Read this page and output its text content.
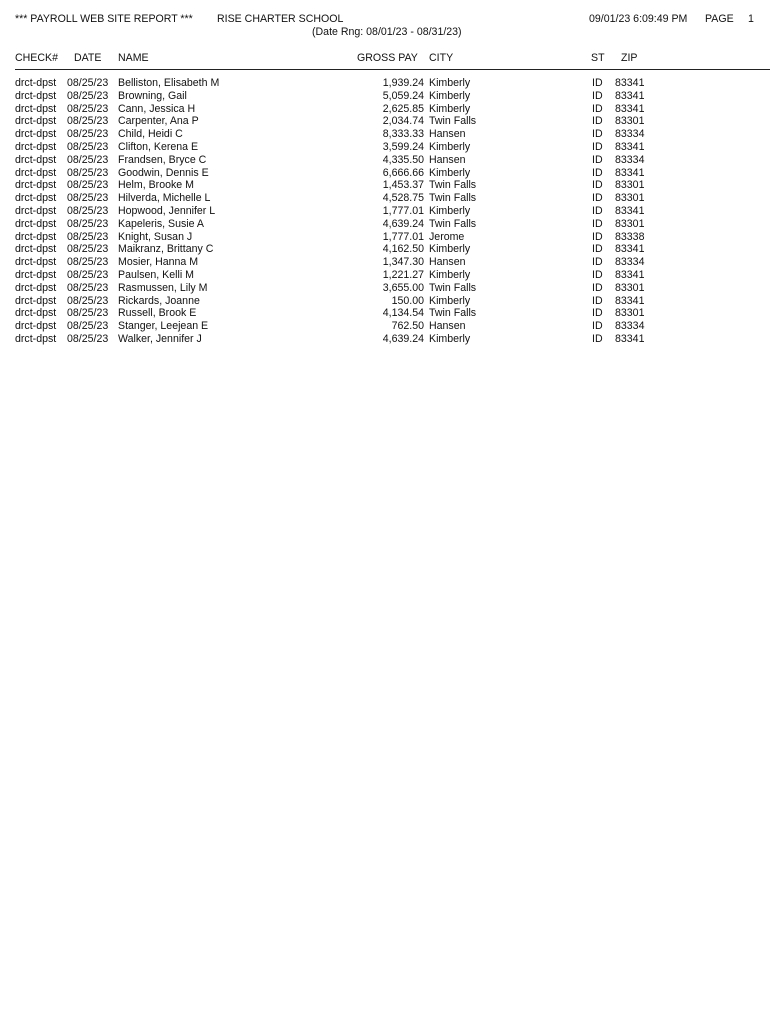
*** PAYROLL WEB SITE REPORT *** RISE CHARTER SCHOOL
(Date Rng: 08/01/23 - 08/31/23)
09/01/23 6:09:49 PM PAGE 1
CHECK# DATE NAME	GROSS PAY CITY	ST ZIP
drct-dpst 08/25/23 Belliston, Elisabeth M	1,939.24 Kimberly	ID 83341
drct-dpst 08/25/23 Browning, Gail	5,059.24 Kimberly	ID 83341
drct-dpst 08/25/23 Cann, Jessica H	2,625.85 Kimberly	ID 83341
drct-dpst 08/25/23 Carpenter, Ana P	2,034.74 Twin Falls	ID 83301
drct-dpst 08/25/23 Child, Heidi C	8,333.33 Hansen	ID 83334
drct-dpst 08/25/23 Clifton, Kerena E	3,599.24 Kimberly	ID 83341
drct-dpst 08/25/23 Frandsen, Bryce C	4,335.50 Hansen	ID 83334
drct-dpst 08/25/23 Goodwin, Dennis E	6,666.66 Kimberly	ID 83341
drct-dpst 08/25/23 Helm, Brooke M	1,453.37 Twin Falls	ID 83301
drct-dpst 08/25/23 Hilverda, Michelle L	4,528.75 Twin Falls	ID 83301
drct-dpst 08/25/23 Hopwood, Jennifer L	1,777.01 Kimberly	ID 83341
drct-dpst 08/25/23 Kapeleris, Susie A	4,639.24 Twin Falls	ID 83301
drct-dpst 08/25/23 Knight, Susan J	1,777.01 Jerome	ID 83338
drct-dpst 08/25/23 Maikranz, Brittany C	4,162.50 Kimberly	ID 83341
drct-dpst 08/25/23 Mosier, Hanna M	1,347.30 Hansen	ID 83334
drct-dpst 08/25/23 Paulsen, Kelli M	1,221.27 Kimberly	ID 83341
drct-dpst 08/25/23 Rasmussen, Lily M	3,655.00 Twin Falls	ID 83301
drct-dpst 08/25/23 Rickards, Joanne	150.00 Kimberly	ID 83341
drct-dpst 08/25/23 Russell, Brook E	4,134.54 Twin Falls	ID 83301
drct-dpst 08/25/23 Stanger, Leejean E	762.50 Hansen	ID 83334
drct-dpst 08/25/23 Walker, Jennifer J	4,639.24 Kimberly	ID 83341
